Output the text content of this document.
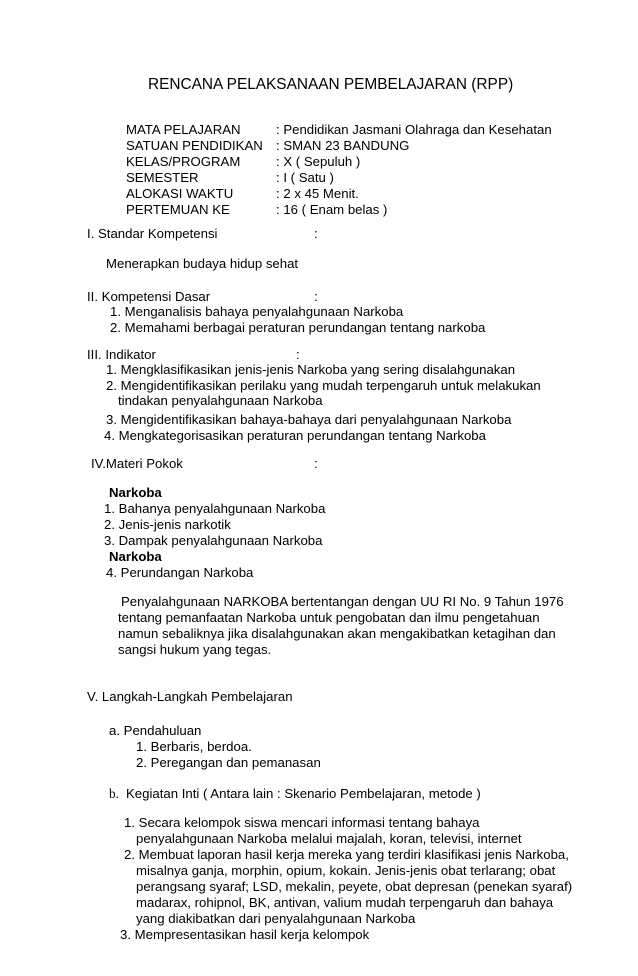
RENCANA PELAKSANAAN PEMBELAJARAN (RPP)
MATA PELAJARAN	: Pendidikan Jasmani Olahraga dan Kesehatan
SATUAN PENDIDIKAN : SMAN 23 BANDUNG
KELAS/PROGRAM	: X ( Sepuluh )
SEMESTER	: I ( Satu )
ALOKASI WAKTU	: 2 x 45 Menit.
PERTEMUAN KE	: 16 ( Enam belas )
I. Standar Kompetensi	:
Menerapkan budaya hidup sehat
II. Kompetensi Dasar	:
1. Menganalisis bahaya penyalahgunaan Narkoba
2. Memahami berbagai peraturan perundangan tentang narkoba
III. Indikator	:
1. Mengklasifikasikan jenis-jenis Narkoba yang sering disalahgunakan
2. Mengidentifikasikan perilaku yang mudah terpengaruh untuk melakukan
tindakan penyalahgunaan Narkoba
3. Mengidentifikasikan bahaya-bahaya dari penyalahgunaan Narkoba
4. Mengkategorisasikan peraturan perundangan tentang Narkoba
IV.Materi Pokok	:
Narkoba
1. Bahanya penyalahgunaan Narkoba
2. Jenis-jenis narkotik
3. Dampak penyalahgunaan Narkoba
Narkoba
4. Perundangan Narkoba
Penyalahgunaan NARKOBA bertentangan dengan UU RI No. 9 Tahun 1976
tentang pemanfaatan Narkoba untuk pengobatan dan ilmu pengetahuan
namun sebaliknya jika disalahgunakan akan mengakibatkan ketagihan dan
sangsi hukum yang tegas.
V. Langkah-Langkah Pembelajaran
a. Pendahuluan
1. Berbaris, berdoa.
2. Peregangan dan pemanasan
b. Kegiatan Inti ( Antara lain : Skenario Pembelajaran, metode )
1. Secara kelompok siswa mencari informasi tentang bahaya
penyalahgunaan Narkoba melalui majalah, koran, televisi, internet
2. Membuat laporan hasil kerja mereka yang terdiri klasifikasi jenis Narkoba,
misalnya ganja, morphin, opium, kokain. Jenis-jenis obat terlarang; obat
perangsang syaraf; LSD, mekalin, peyete, obat depresan (penekan syaraf)
madarax, rohipnol, BK, antivan, valium mudah terpengaruh dan bahaya
yang diakibatkan dari penyalahgunaan Narkoba
3. Mempresentasikan hasil kerja kelompok
